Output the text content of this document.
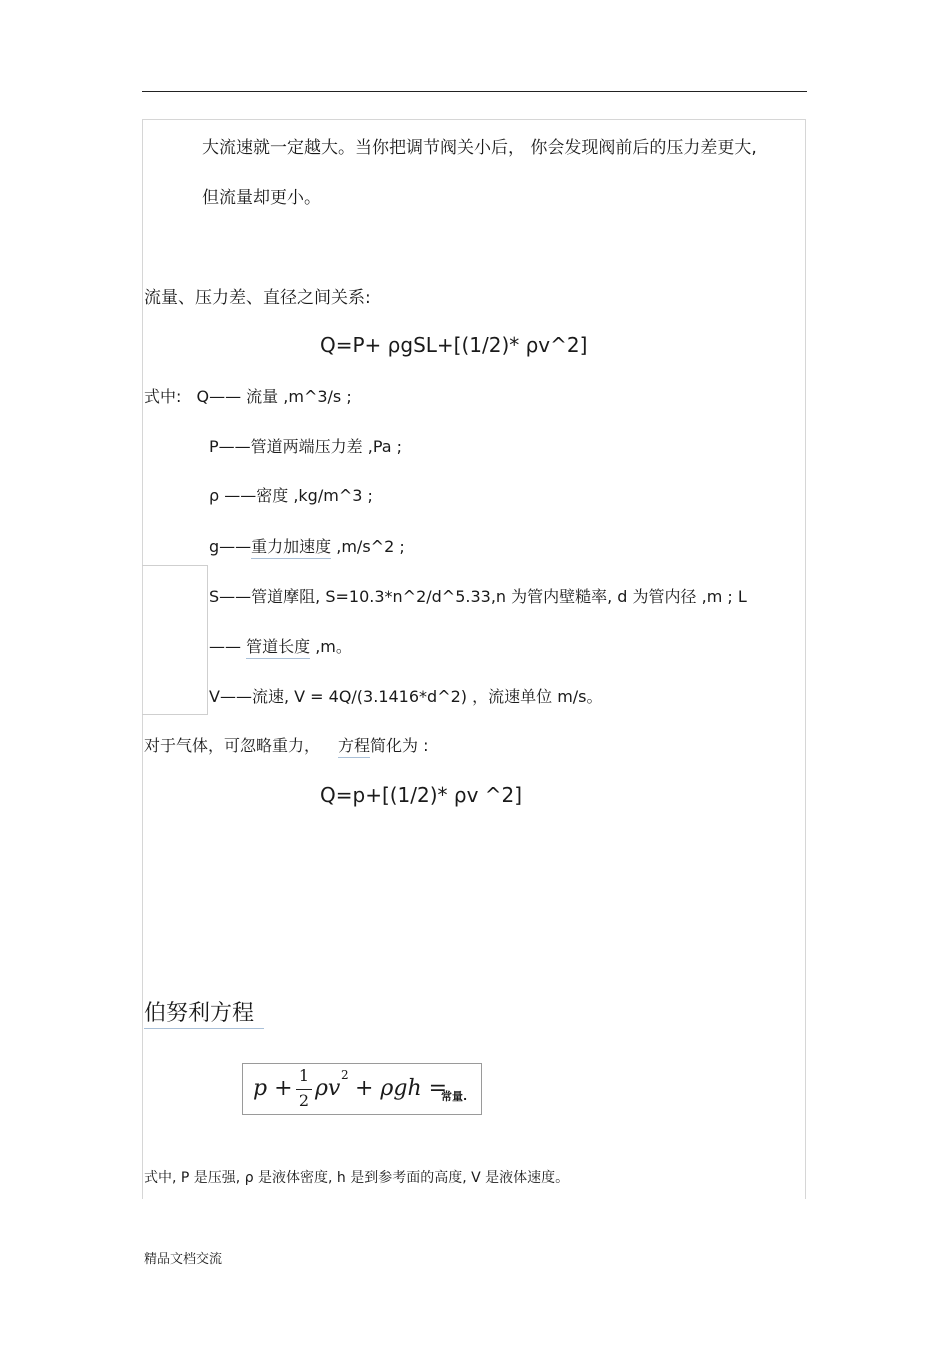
大流速就一定越大。当你把调节阀关小后， 你会发现阀前后的压力差更大,
但流量却更小。
流量、压力差、直径之间关系:
Q=P+ ρgSL+[(1/2)* ρv^2]
式中: Q—— 流量 ,m^3/s ;
P——管道两端压力差 ,Pa ;
ρ ——密度 ,kg/m^3 ;
g——重力加速度 ,m/s^2 ;
S——管道摩阻, S=10.3*n^2/d^5.33,n 为管内壁糙率, d 为管内径 ,m ; L
—— 管道长度 ,m。
V——流速, V = 4Q/(3.1416*d^2) ，流速单位 m/s。
对于气体，可忽略重力， 方程简化为 :
Q=p+[(1/2)* ρv ^2]
伯努利方程
p +
1
2 ρv
2
+ ρgh =
常量.
式中, P 是压强, ρ 是液体密度, h 是到参考面的高度, V 是液体速度。
精品文档交流
